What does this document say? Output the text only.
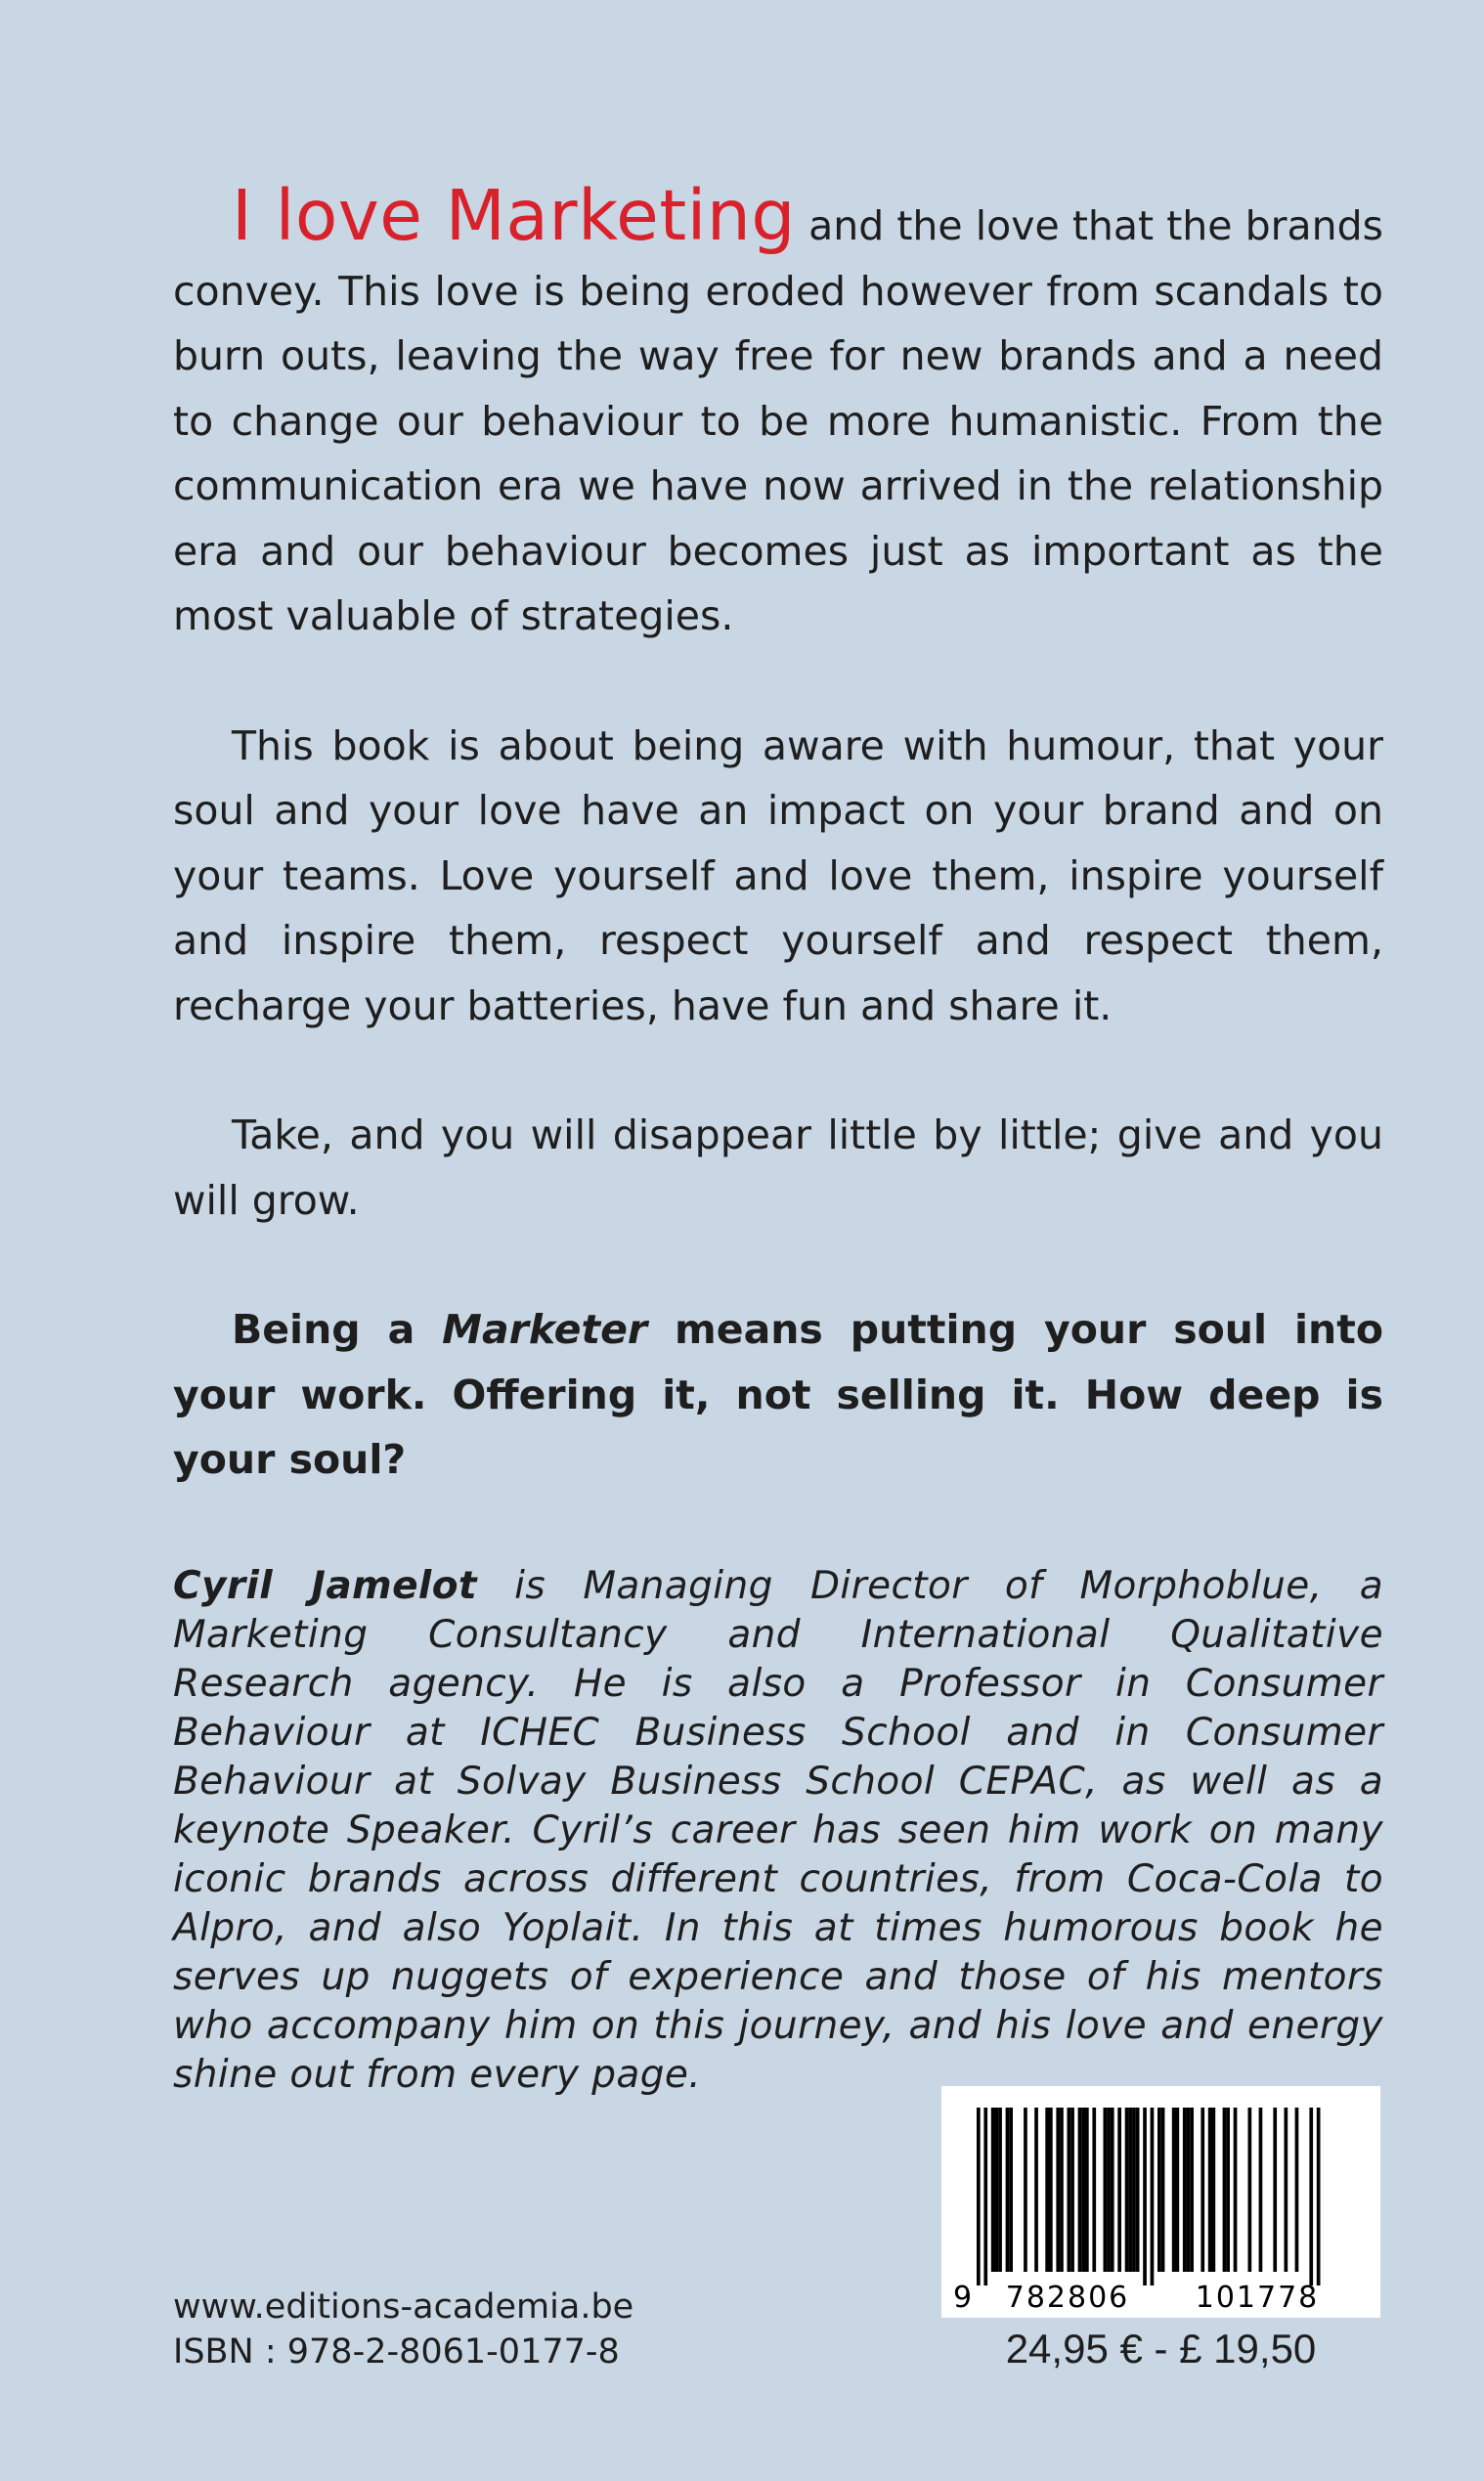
I love Marketing and the love that the brands convey. This love is being eroded however from scandals to burn outs, leaving the way free for new brands and a need to change our behaviour to be more humanistic. From the communication era we have now arrived in the relationship era and our behaviour becomes just as important as the most valuable of strategies.

This book is about being aware with humour, that your soul and your love have an impact on your brand and on your teams. Love yourself and love them, inspire yourself and inspire them, respect yourself and respect them, recharge your batteries, have fun and share it.

Take, and you will disappear little by little; give and you will grow.

Being a Marketer means putting your soul into your work. Offering it, not selling it. How deep is your soul?

Cyril Jamelot is Managing Director of Morphoblue, a Marketing Consultancy and International Qualitative Research agency. He is also a Professor in Consumer Behaviour at ICHEC Business School and in Consumer Behaviour at Solvay Business School CEPAC, as well as a keynote Speaker. Cyril’s career has seen him work on many iconic brands across different countries, from Coca-Cola to Alpro, and also Yoplait. In this at times humorous book he serves up nuggets of experience and those of his mentors who accompany him on this journey, and his love and energy shine out from every page.

www.editions-academia.be
ISBN : 978-2-8061-0177-8
9 782806 101778
24,95 € - £ 19,50
